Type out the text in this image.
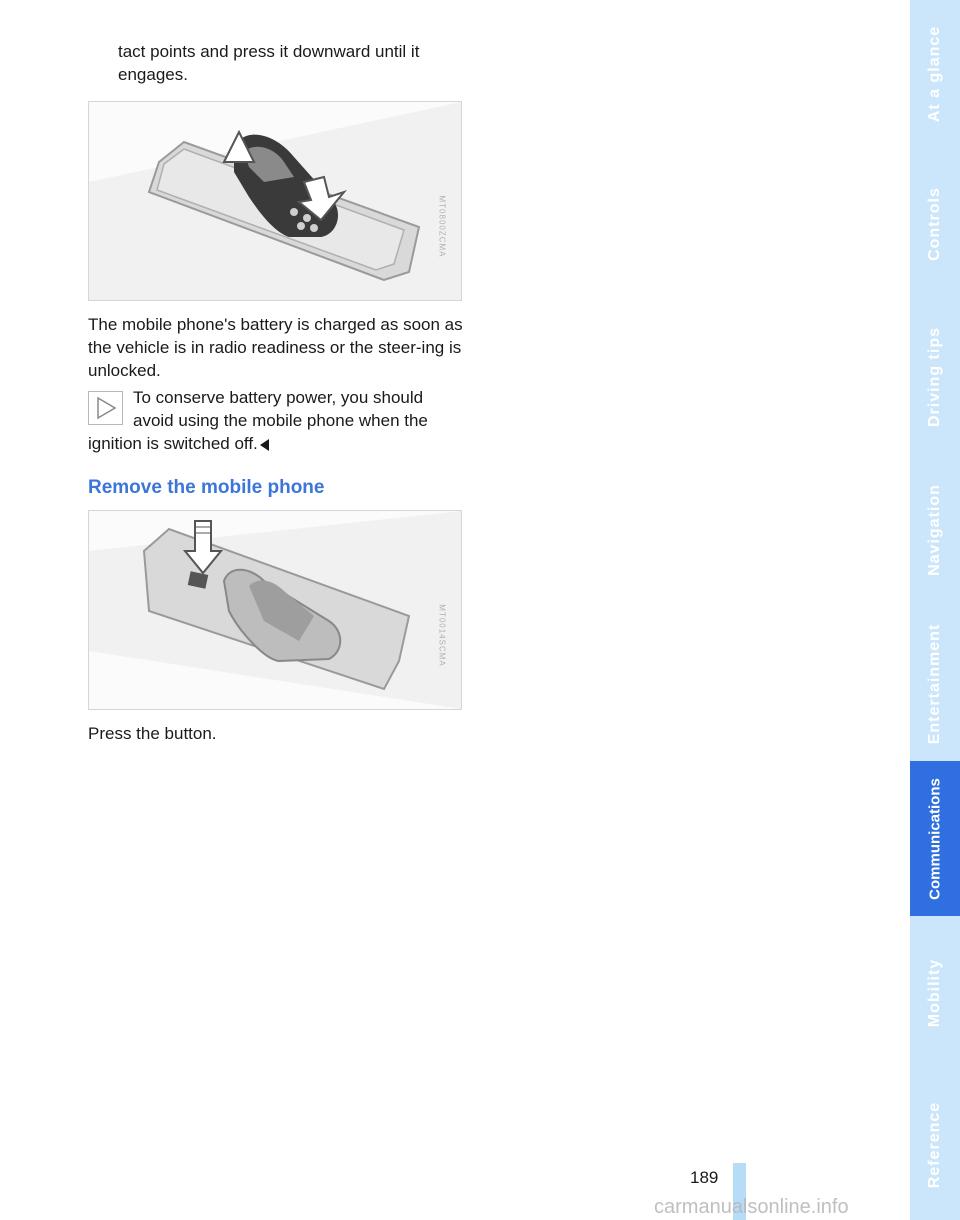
tact points and press it downward until it engages.
MT0800ZCMA
The mobile phone's battery is charged as soon as the vehicle is in radio readiness or the steer-ing is unlocked.
To conserve battery power, you should avoid using the mobile phone when the
ignition is switched off.
Remove the mobile phone
MT0014SCMA
Press the button.
189
At a glance
Controls
Driving tips
Navigation
Entertainment
Communications
Mobility
Reference
carmanualsonline.info
